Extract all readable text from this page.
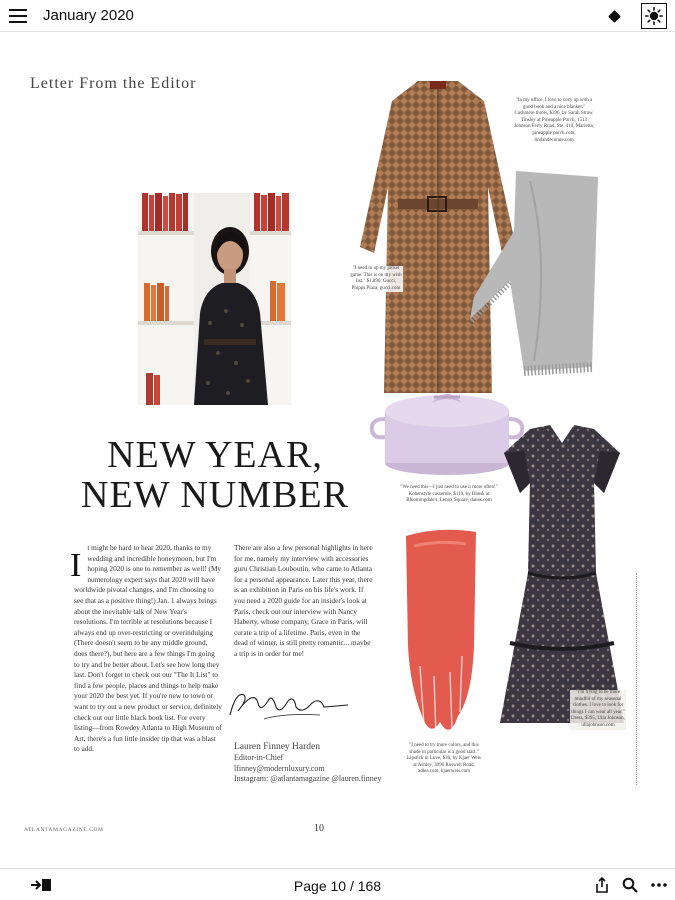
January 2020
Letter From the Editor
NEW YEAR,
NEW NUMBER
It might be hard to hear 2020, thanks to my wedding and incredible honeymoon, but I'm hoping 2020 is one to remember as well! (My numerology expert says that 2020 will have worldwide pivotal changes, and I'm choosing to see that as a positive thing!) Jan. 1 always brings about the inevitable talk of New Year's resolutions. I'm terrible at resolutions because I always end up over-restricting or overindulging (There doesn't seem to be any middle ground, does there?), but here are a few things I'm going to try and be better about. Let's see how long they last. Don't forget to check out our "The It List" to find a few people, places and things to help make your 2020 the best yet. If you're new to town or want to try out a new product or service, definitely check out our little black book list. For every listing—from Rowdey Atlanta to High Museum of Art, there's a fun little insider tip that was a blast to add.
There are also a few personal highlights in here for me, namely my interview with accessories guru Christian Louboutin, who came to Atlanta for a personal appearance. Later this year, there is an exhibition in Paris on his life's work. If you need a 2020 guide for an insider's look at Paris, check out our interview with Nancy Haberty, whose company, Grace in Paris, will curate a trip of a lifetime. Paris, even in the dead of winter, is still pretty romantic... maybe a trip is in order for me!
Lauren Finney Harden
Editor-in-Chief
lfinney@modernluxury.com
Instagram: @atlantamagazine @lauren.finney
ATLANTAMAGAZINE.COM	10
"In my office, I love to cozy up with a good book and a nice blanket." Cashmere throw, $396, by Sarah Straw. Tinsley at Pineapple Porch, 1513 Johnson Ferry Road, Ste. 410, Marietta, pineapple porch.com, lindahdecorate.com
"I need to up my jacket game. This is on my wish list." $1,890, Gucci, Phipps Plaza, gucci.com
"We need this—I just need to use it more often!" Kobenstyle casserole, $110, by Dansk at Bloomingdale's, Lenox Square, dansk.com
"I need to try more colors, and this shade in particular is a good start." Lipstick in Love, $30, by Kjaer Weis at Ashley, 3096 Roswell Road, adlea.com, kjaerweis.com
"I'm trying to be more mindful of my seasonal clothes. I love to look for things I can wear all year." Dress, $395, Ulla Johnson, ullajohnson.com
Page 10 / 168
